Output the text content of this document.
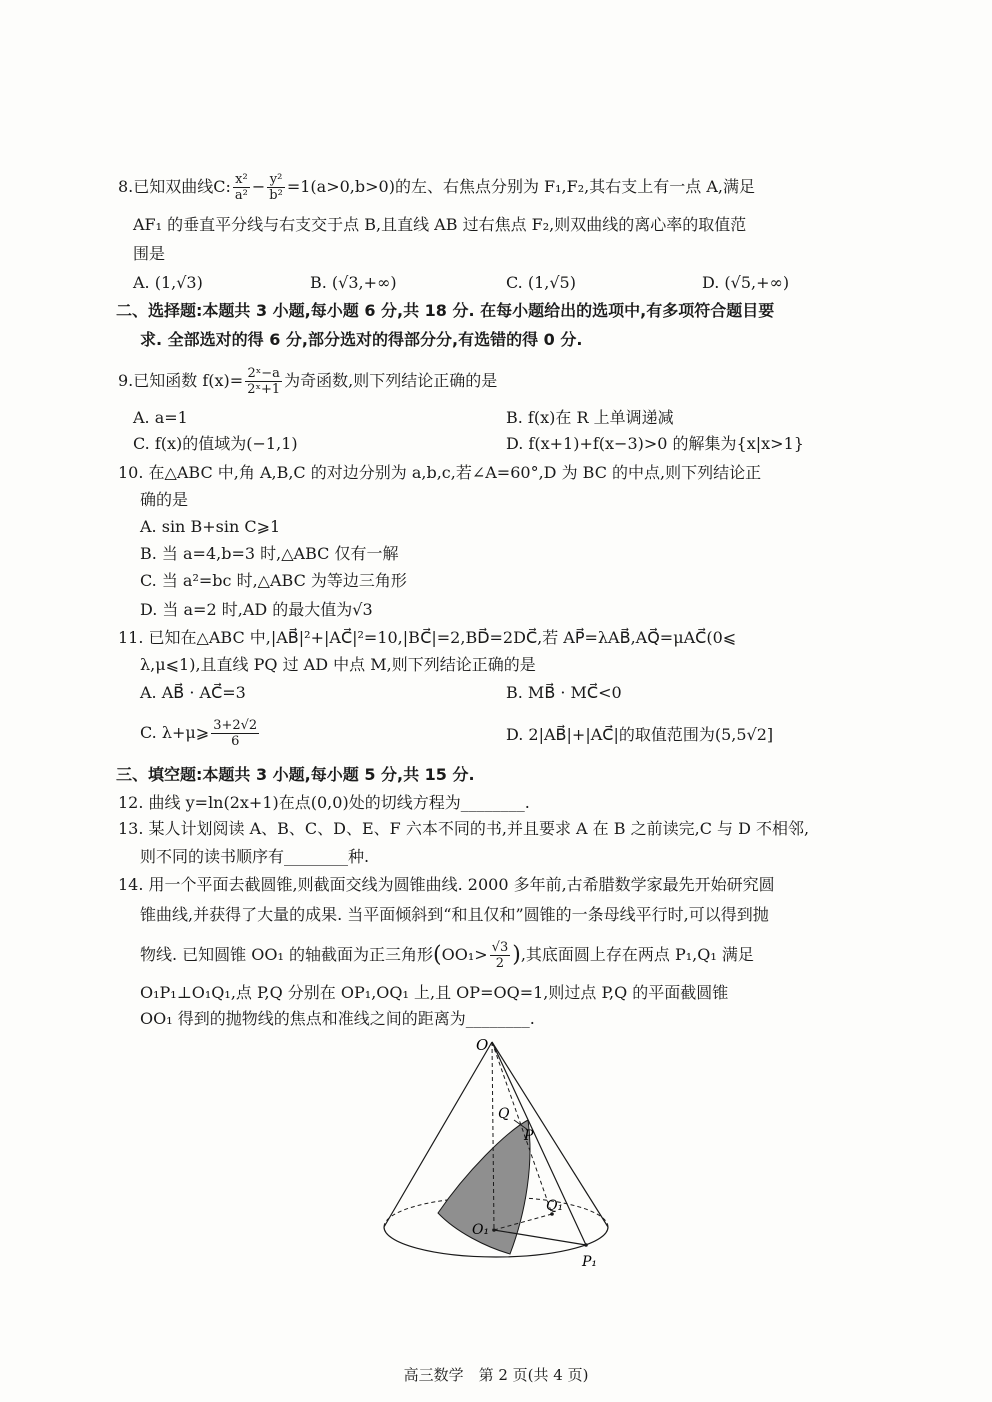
8.已知双曲线C: $\frac{\text{x²}}{\text{a²}} - \frac{\text{y²}}{\text{b²}} =1(a>0,b>0)$的左、右焦点分别为 F₁,F₂,其右支上有一点 A,满足
AF₁ 的垂直平分线与右支交于点 B,且直线 AB 过右焦点 F₂,则双曲线的离心率的取值范
围是
A. (1,√3)	B. (√3,+∞)	C. (1,√5)	D. (√5,+∞)
二、选择题:本题共 3 小题,每小题 6 分,共 18 分. 在每小题给出的选项中,有多项符合题目要
求. 全部选对的得 6 分,部分选对的得部分分,有选错的得 0 分.
9.已知函数 $f(x)= \frac{\text{2ˣ−a}}{\text{2ˣ+1}}$ 为奇函数,则下列结论正确的是
A. a=1	B. f(x)在 R 上单调递减
C. f(x)的值域为(−1,1)	D. f(x+1)+f(x−3)>0 的解集为{x|x>1}
10. 在△ABC 中,角 A,B,C 的对边分别为 a,b,c,若∠A=60°,D 为 BC 的中点,则下列结论正
确的是
A. sin B+sin C⩾1
B. 当 a=4,b=3 时,△ABC 仅有一解
C. 当 a²=bc 时,△ABC 为等边三角形
D. 当 a=2 时,AD 的最大值为√3
11. 已知在△ABC 中,|AB⃗|²+|AC⃗|²=10,|BC⃗|=2,BD⃗=2DC⃗,若 AP⃗=λAB⃗,AQ⃗=μAC⃗(0⩽
λ,μ⩽1),且直线 PQ 过 AD 中点 M,则下列结论正确的是
A. AB⃗ · AC⃗=3	B. MB⃗ · MC⃗<0
C. λ+μ⩾ $\frac{3+2√2}{6}$	D. 2|AB⃗|+|AC⃗|的取值范围为(5,5√2]
三、填空题:本题共 3 小题,每小题 5 分,共 15 分.
12. 曲线 y=ln(2x+1)在点(0,0)处的切线方程为________.
13. 某人计划阅读 A、B、C、D、E、F 六本不同的书,并且要求 A 在 B 之前读完,C 与 D 不相邻,
则不同的读书顺序有________种.
14. 用一个平面去截圆锥,则截面交线为圆锥曲线. 2000 多年前,古希腊数学家最先开始研究圆
锥曲线,并获得了大量的成果. 当平面倾斜到“和且仅和”圆锥的一条母线平行时,可以得到抛
物线. 已知圆锥 OO₁ 的轴截面为正三角形($OO_1> \frac{√3}{2}$ ),其底面圆上存在两点 P₁,Q₁ 满足
O₁P₁⊥O₁Q₁,点 P,Q 分别在 OP₁,OQ₁ 上,且 OP=OQ=1,则过点 P,Q 的平面截圆锥
OO₁ 得到的抛物线的焦点和准线之间的距离为________.
O
Q
P
O₁
Q₁
P₁
高三数学　第 2 页(共 4 页)
